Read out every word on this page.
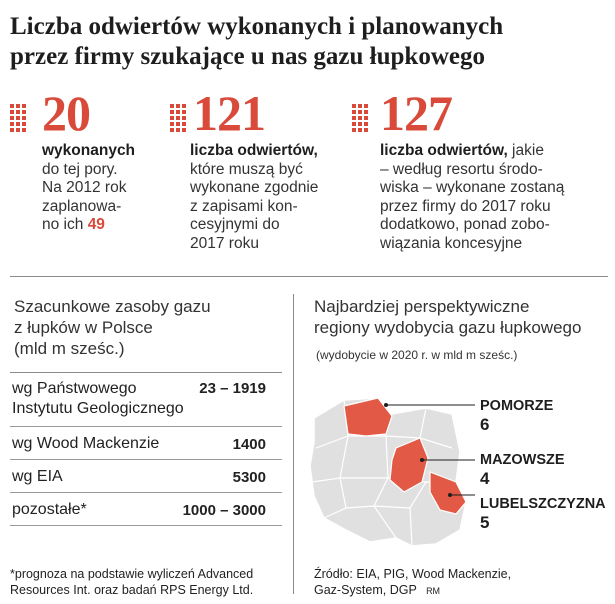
Liczba odwiertów wykonanych i planowanych
przez firmy szukające u nas gazu łupkowego
20
wykonanych
do tej pory.
Na 2012 rok
zaplanowa-
no ich 49
121
liczba odwiertów,
które muszą być
wykonane zgodnie
z zapisami kon-
cesyjnymi do
2017 roku
127
liczba odwiertów, jakie
– według resortu środo-
wiska – wykonane zostaną
przez firmy do 2017 roku
dodatkowo, ponad zobo-
wiązania koncesyjne
Szacunkowe zasoby gazu
z łupków w Polsce
(mld m sześc.)
wg Państwowego
Instytutu Geologicznego
23 – 1919
wg Wood Mackenzie	1400
wg EIA	5300
pozostałe*	1000 – 3000
*prognoza na podstawie wyliczeń Advanced
Resources Int. oraz badań RPS Energy Ltd.
Najbardziej perspektywiczne
regiony wydobycia gazu łupkowego
(wydobycie w 2020 r. w mld m sześc.)
POMORZE
6
MAZOWSZE
4
LUBELSZCZYZNA
5
Źródło: EIA, PIG, Wood Mackenzie,
Gaz-System, DGP RM
